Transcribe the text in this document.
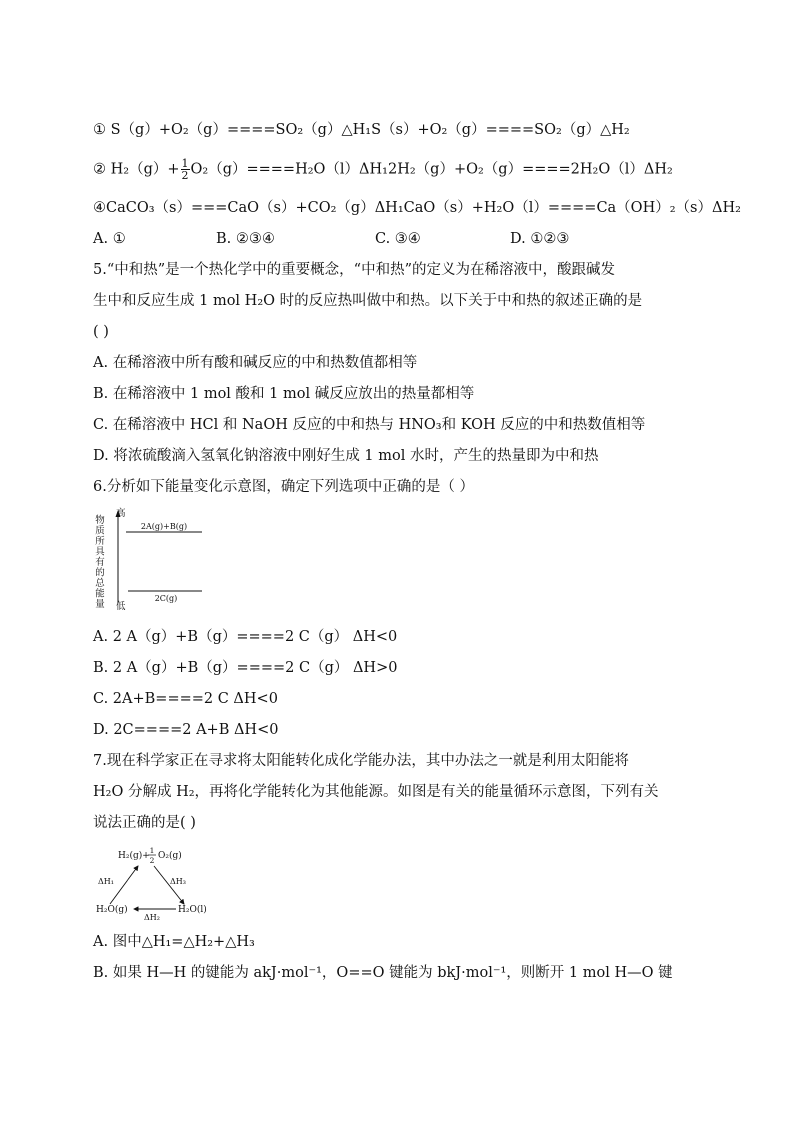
① S（g）+O₂（g）====SO₂（g）△H₁S（s）+O₂（g）====SO₂（g）△H₂
② $H_2(g)+ \frac{1}{2} O_2(g)====H_2O(l)\Delta H_12H_2(g)+O_2(g)====2H_2O(l)\Delta H_2$
④CaCO₃（s）===CaO（s）+CO₂（g）ΔH₁CaO（s）+H₂O（l）====Ca（OH）₂（s）ΔH₂
A. ①	B. ②③④	C. ③④	D. ①②③
5.“中和热”是一个热化学中的重要概念，“中和热”的定义为在稀溶液中，酸跟碱发
生中和反应生成 1 mol H₂O 时的反应热叫做中和热。以下关于中和热的叙述正确的是
( )
A. 在稀溶液中所有酸和碱反应的中和热数值都相等
B. 在稀溶液中 1 mol 酸和 1 mol 碱反应放出的热量都相等
C. 在稀溶液中 HCl 和 NaOH 反应的中和热与 HNO₃和 KOH 反应的中和热数值相等
D. 将浓硫酸滴入氢氧化钠溶液中刚好生成 1 mol 水时，产生的热量即为中和热
6.分析如下能量变化示意图，确定下列选项中正确的是（ ）
物质所具有的总能量
高
低
2A(g)+B(g)
2C(g)
A. 2 A（g）+B（g）====2 C（g） ΔH<0
B. 2 A（g）+B（g）====2 C（g） ΔH>0
C. 2A+B====2 C ΔH<0
D. 2C====2 A+B ΔH<0
7.现在科学家正在寻求将太阳能转化成化学能办法，其中办法之一就是利用太阳能将
H₂O 分解成 H₂，再将化学能转化为其他能源。如图是有关的能量循环示意图，下列有关
说法正确的是( )
H₂(g)+
1
2 O₂(g)
ΔH₁	ΔH₃
ΔH₂
H₂O(g)	H₂O(l)
A. 图中△H₁=△H₂+△H₃
B. 如果 H—H 的键能为 akJ·mol⁻¹，O==O 键能为 bkJ·mol⁻¹，则断开 1 mol H—O 键
